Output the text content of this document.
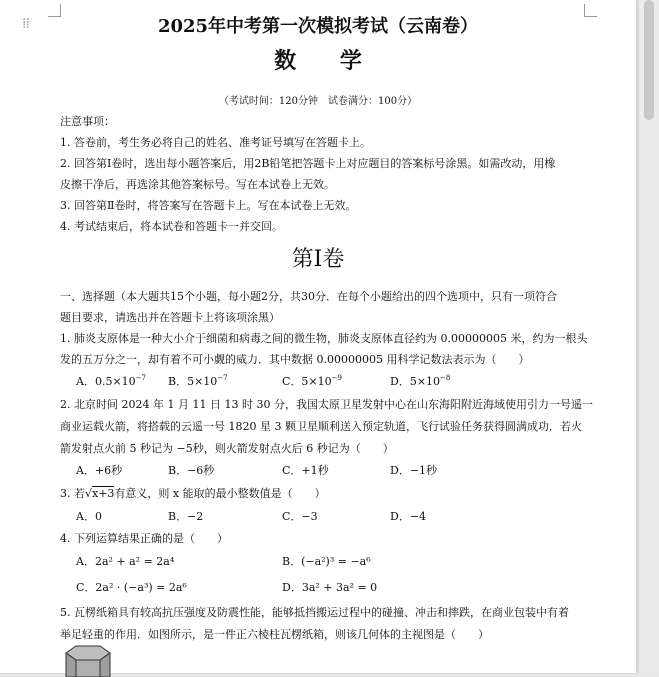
⁞⁞	2025年中考第一次模拟考试（云南卷）
数 学
（考试时间：120分钟　试卷满分：100分）
注意事项：
1. 答卷前，考生务必将自己的姓名、准考证号填写在答题卡上。
2. 回答第Ⅰ卷时，选出每小题答案后，用2B铅笔把答题卡上对应题目的答案标号涂黑。如需改动，用橡
皮擦干净后，再选涂其他答案标号。写在本试卷上无效。
3. 回答第Ⅱ卷时，将答案写在答题卡上。写在本试卷上无效。
4. 考试结束后，将本试卷和答题卡一并交回。
第Ⅰ卷
一、选择题（本大题共15个小题，每小题2分，共30分．在每个小题给出的四个选项中，只有一项符合
题目要求，请选出并在答题卡上将该项涂黑）
1. 肺炎支原体是一种大小介于细菌和病毒之间的微生物，肺炎支原体直径约为 0.00000005 米，约为一根头
发的五万分之一，却有着不可小觑的威力．其中数据 0.00000005 用科学记数法表示为（　　）
A．$0.5\times 10^{-7}$ B．$5\times 10^{-7}$	C．$5\times 10^{-9}$	D．$5\times 10^{-8}$
2. 北京时间 2024 年 1 月 11 日 13 时 30 分，我国太原卫星发射中心在山东海阳附近海域使用引力一号遥一
商业运载火箭，将搭载的云遥一号 1820 星 3 颗卫星顺利送入预定轨道，飞行试验任务获得圆满成功．若火
箭发射点火前 5 秒记为 −5秒，则火箭发射点火后 6 秒记为（　　）
A．+6秒	B．−6秒	C．+1秒	D．−1秒
3. 若√x+3有意义，则 x 能取的最小整数值是（　　）
A．0	B．−2	C．−3	D．−4
4. 下列运算结果正确的是（　　）
A．2a² + a² = 2a⁴	B．(−a²)³ = −a⁶
C．2a² · (−a³) = 2a⁶	D．3a² + 3a² = 0
5. 瓦楞纸箱具有较高抗压强度及防震性能，能够抵挡搬运过程中的碰撞、冲击和摔跌，在商业包装中有着
举足轻重的作用．如图所示，是一件正六棱柱瓦楞纸箱，则该几何体的主视图是（　　）
